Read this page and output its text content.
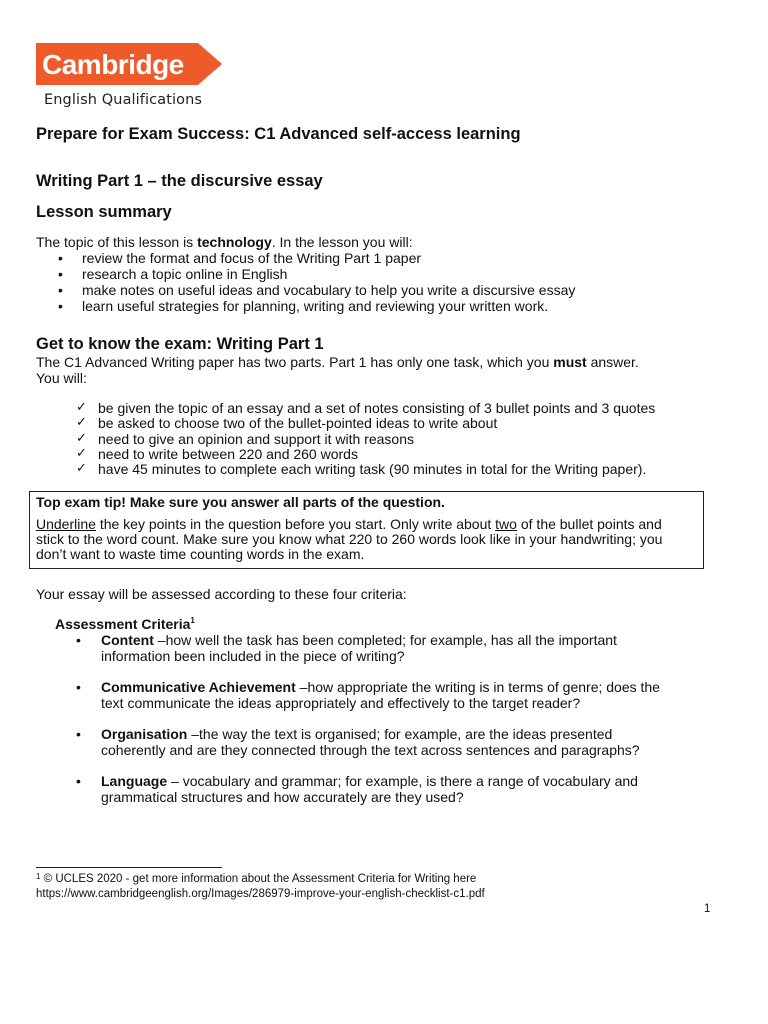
Cambridge
English Qualifications
Prepare for Exam Success: C1 Advanced self-access learning
Writing Part 1 – the discursive essay
Lesson summary
The topic of this lesson is technology. In the lesson you will:
• review the format and focus of the Writing Part 1 paper
• research a topic online in English
• make notes on useful ideas and vocabulary to help you write a discursive essay
• learn useful strategies for planning, writing and reviewing your written work.
Get to know the exam: Writing Part 1
The C1 Advanced Writing paper has two parts. Part 1 has only one task, which you must answer.
You will:
✓ be given the topic of an essay and a set of notes consisting of 3 bullet points and 3 quotes
✓ be asked to choose two of the bullet-pointed ideas to write about
✓ need to give an opinion and support it with reasons
✓ need to write between 220 and 260 words
✓ have 45 minutes to complete each writing task (90 minutes in total for the Writing paper).
Top exam tip! Make sure you answer all parts of the question.
Underline the key points in the question before you start. Only write about two of the bullet points and
stick to the word count. Make sure you know what 220 to 260 words look like in your handwriting; you
don’t want to waste time counting words in the exam.
Your essay will be assessed according to these four criteria:
Assessment Criteria$^1$
• Content –how well the task has been completed; for example, has all the important
information been included in the piece of writing?
• Communicative Achievement –how appropriate the writing is in terms of genre; does the
text communicate the ideas appropriately and effectively to the target reader?
• Organisation –the way the text is organised; for example, are the ideas presented
coherently and are they connected through the text across sentences and paragraphs?
• Language – vocabulary and grammar; for example, is there a range of vocabulary and
grammatical structures and how accurately are they used?
$^1$ © UCLES 2020 - get more information about the Assessment Criteria for Writing here
https://www.cambridgeenglish.org/Images/286979-improve-your-english-checklist-c1.pdf
1
